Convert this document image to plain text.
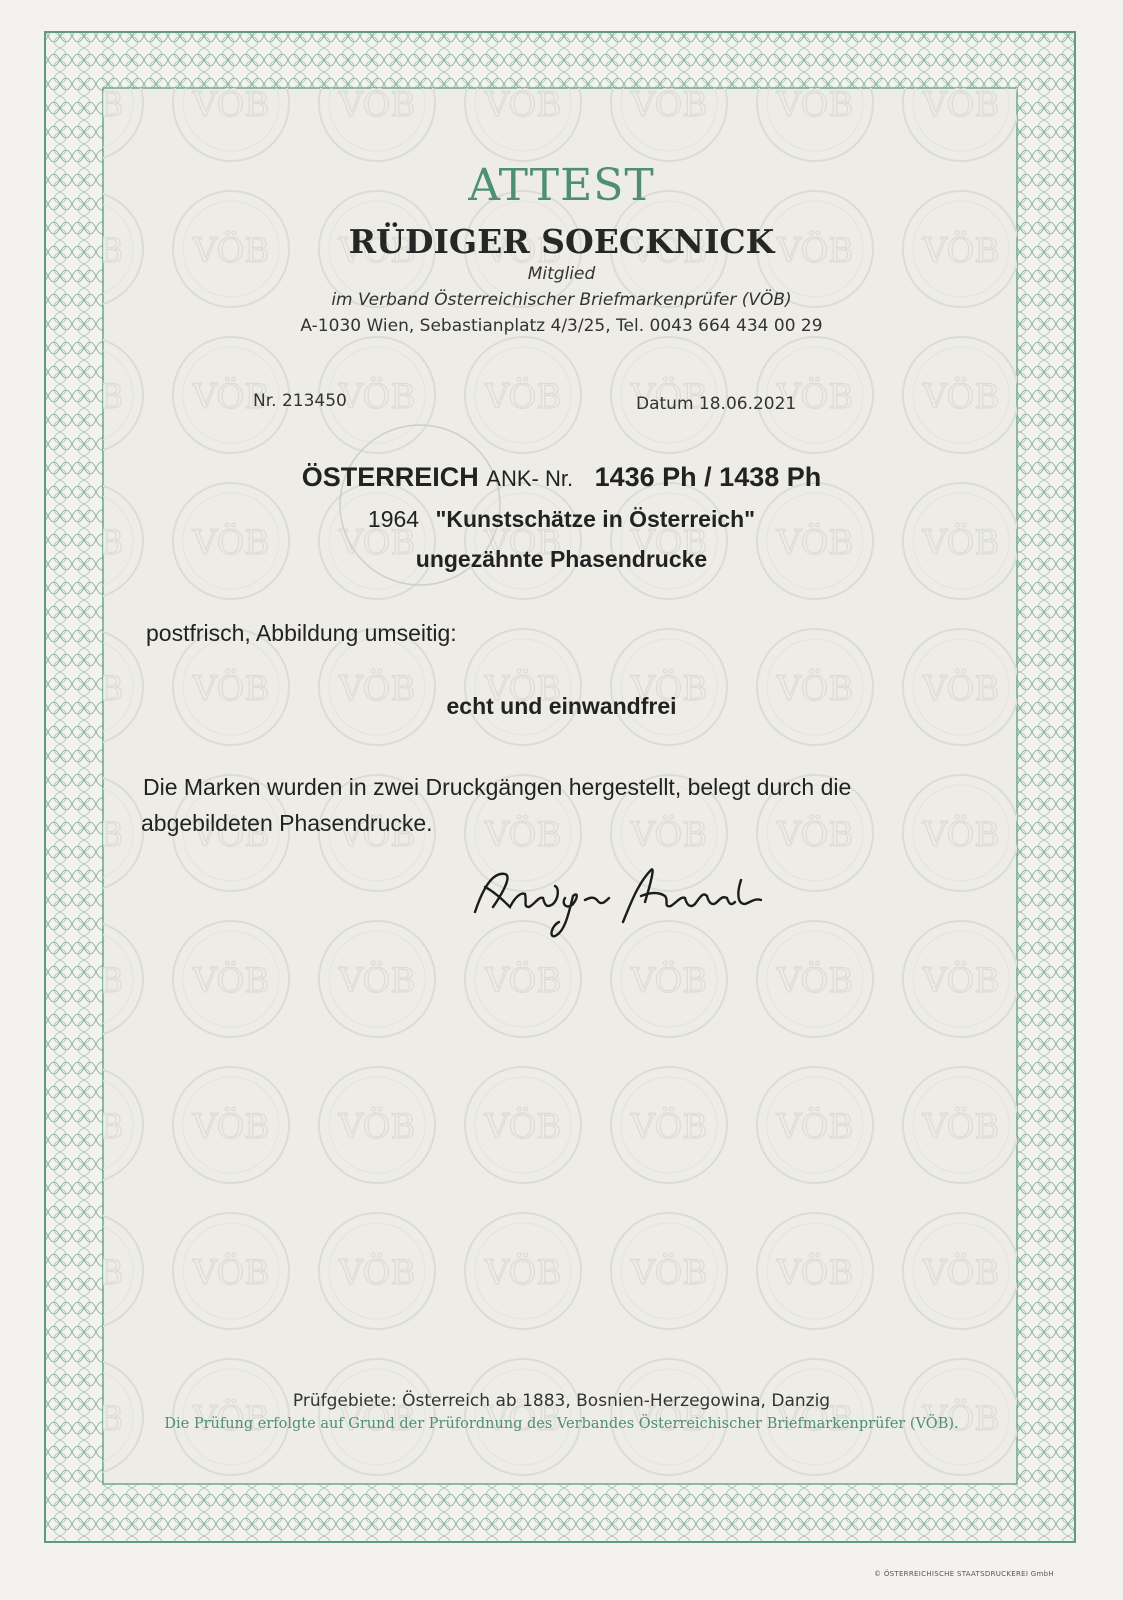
ATTEST
RÜDIGER SOECKNICK
Mitglied
im Verband Österreichischer Briefmarkenprüfer (VÖB)
A-1030 Wien, Sebastianplatz 4/3/25, Tel. 0043 664 434 00 29
Nr. 213450	Datum 18.06.2021
ÖSTERREICH ANK- Nr. 1436 Ph / 1438 Ph
1964 "Kunstschätze in Österreich"
ungezähnte Phasendrucke
postfrisch, Abbildung umseitig:
echt und einwandfrei
Die Marken wurden in zwei Druckgängen hergestellt, belegt durch die
abgebildeten Phasendrucke.
Rüdiger Soecknick
Prüfgebiete: Österreich ab 1883, Bosnien-Herzegowina, Danzig
Die Prüfung erfolgte auf Grund der Prüfordnung des Verbandes Österreichischer Briefmarkenprüfer (VÖB).
© ÖSTERREICHISCHE STAATSDRUCKEREI GmbH
